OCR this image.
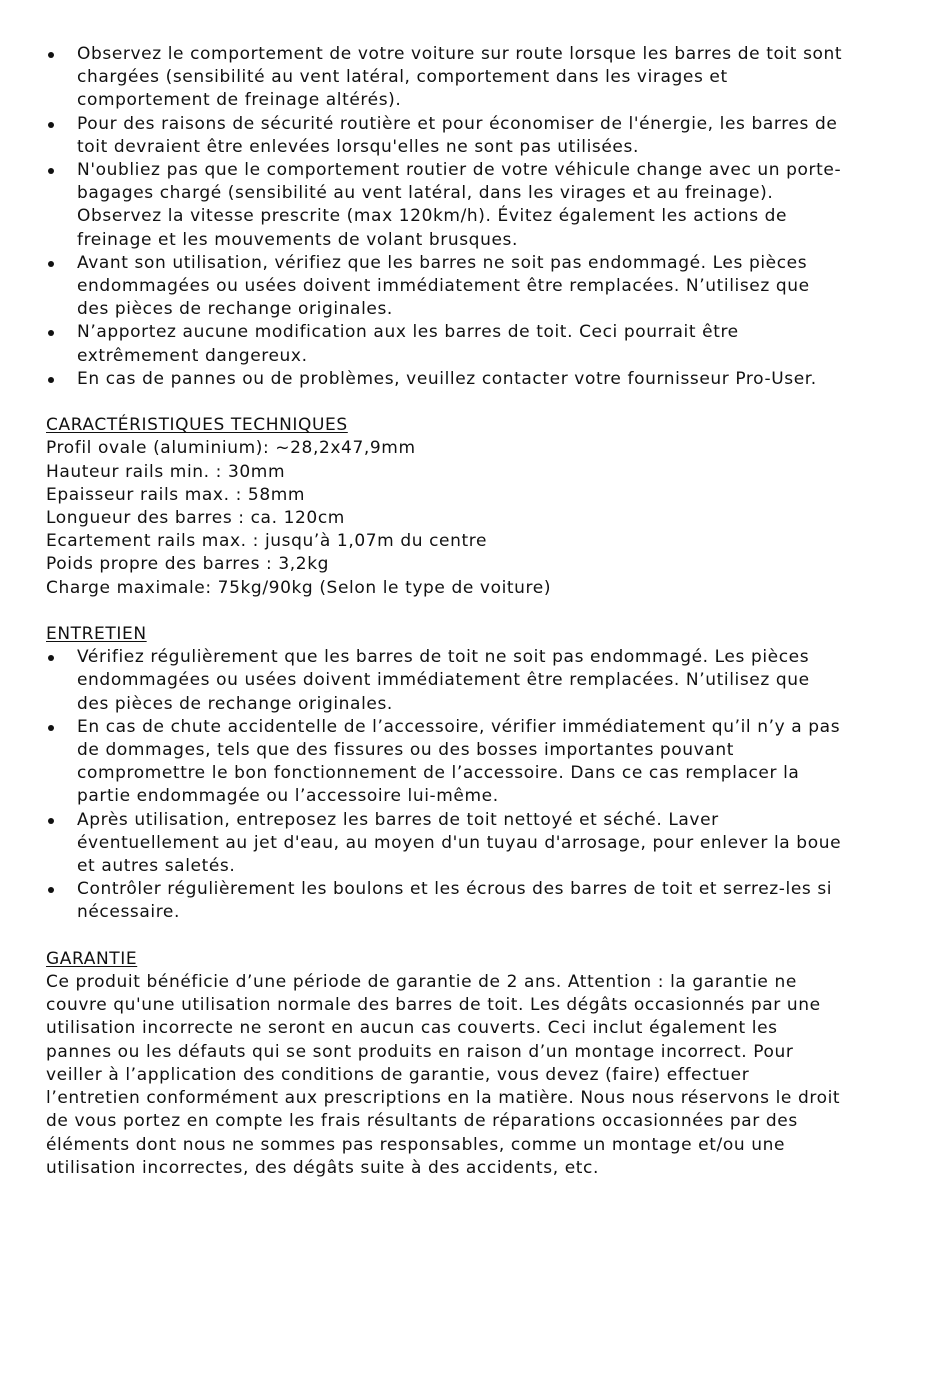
Observez le comportement de votre voiture sur route lorsque les barres de toit sont chargées (sensibilité au vent latéral, comportement dans les virages et comportement de freinage altérés).
Pour des raisons de sécurité routière et pour économiser de l'énergie, les barres de toit devraient être enlevées lorsqu'elles ne sont pas utilisées.
N'oubliez pas que le comportement routier de votre véhicule change avec un porte-bagages chargé (sensibilité au vent latéral, dans les virages et au freinage). Observez la vitesse prescrite (max 120km/h). Évitez également les actions de freinage et les mouvements de volant brusques.
Avant son utilisation, vérifiez que les barres ne soit pas endommagé. Les pièces endommagées ou usées doivent immédiatement être remplacées. N’utilisez que des pièces de rechange originales.
N’apportez aucune modification aux les barres de toit. Ceci pourrait être extrêmement dangereux.
En cas de pannes ou de problèmes, veuillez contacter votre fournisseur Pro-User.
CARACTÉRISTIQUES TECHNIQUES

Profil ovale (aluminium): ~28,2x47,9mm

Hauteur rails min. : 30mm

Epaisseur rails max. : 58mm

Longueur des barres : ca. 120cm

Ecartement rails max. : jusqu’à 1,07m du centre

Poids propre des barres : 3,2kg

Charge maximale: 75kg/90kg (Selon le type de voiture)

ENTRETIEN
Vérifiez régulièrement que les barres de toit ne soit pas endommagé. Les pièces endommagées ou usées doivent immédiatement être remplacées. N’utilisez que des pièces de rechange originales.
En cas de chute accidentelle de l’accessoire, vérifier immédiatement qu’il n’y a pas de dommages, tels que des fissures ou des bosses importantes pouvant compromettre le bon fonctionnement de l’accessoire. Dans ce cas remplacer la partie endommagée ou l’accessoire lui-même.
Après utilisation, entreposez les barres de toit nettoyé et séché. Laver éventuellement au jet d'eau, au moyen d'un tuyau d'arrosage, pour enlever la boue et autres saletés.
Contrôler régulièrement les boulons et les écrous des barres de toit et serrez-les si nécessaire.
GARANTIE

Ce produit bénéficie d’une période de garantie de 2 ans. Attention : la garantie ne couvre qu'une utilisation normale des barres de toit. Les dégâts occasionnés par une utilisation incorrecte ne seront en aucun cas couverts. Ceci inclut également les pannes ou les défauts qui se sont produits en raison d’un montage incorrect. Pour veiller à l’application des conditions de garantie, vous devez (faire) effectuer l’entretien conformément aux prescriptions en la matière. Nous nous réservons le droit de vous portez en compte les frais résultants de réparations occasionnées par des éléments dont nous ne sommes pas responsables, comme un montage et/ou une utilisation incorrectes, des dégâts suite à des accidents, etc.
